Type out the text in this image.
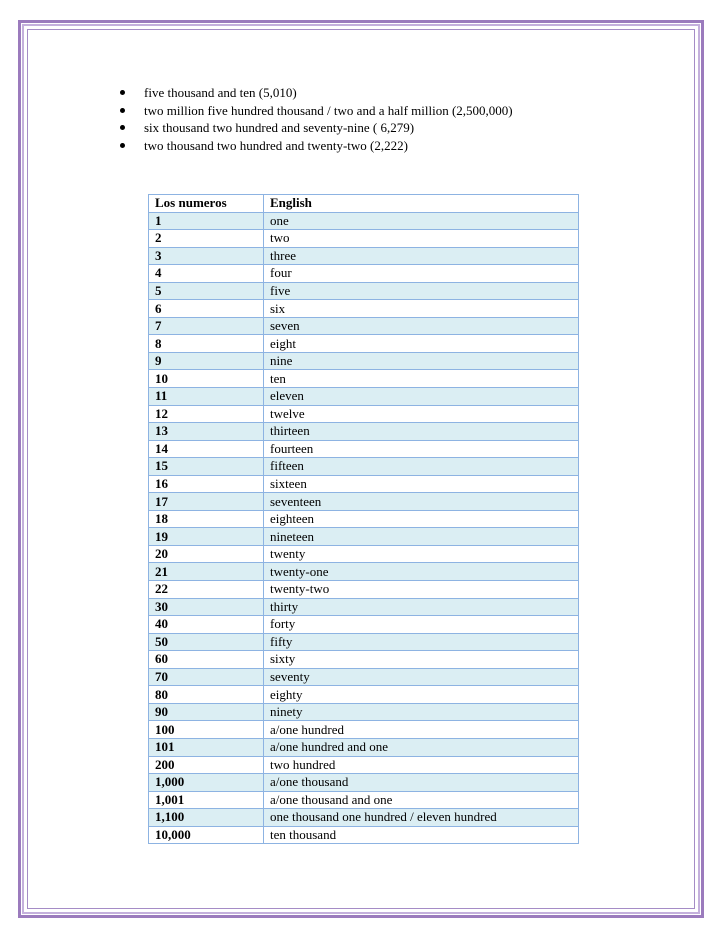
five thousand and ten (5,010)
two million five hundred thousand / two and a half million (2,500,000)
six thousand two hundred and seventy-nine ( 6,279)
two thousand two hundred and twenty-two (2,222)
Los numeros	English
1	one
2	two
3	three
4	four
5	five
6	six
7	seven
8	eight
9	nine
10	ten
11	eleven
12	twelve
13	thirteen
14	fourteen
15	fifteen
16	sixteen
17	seventeen
18	eighteen
19	nineteen
20	twenty
21	twenty-one
22	twenty-two
30	thirty
40	forty
50	fifty
60	sixty
70	seventy
80	eighty
90	ninety
100	a/one hundred
101	a/one hundred and one
200	two hundred
1,000	a/one thousand
1,001	a/one thousand and one
1,100	one thousand one hundred / eleven hundred
10,000	ten thousand
